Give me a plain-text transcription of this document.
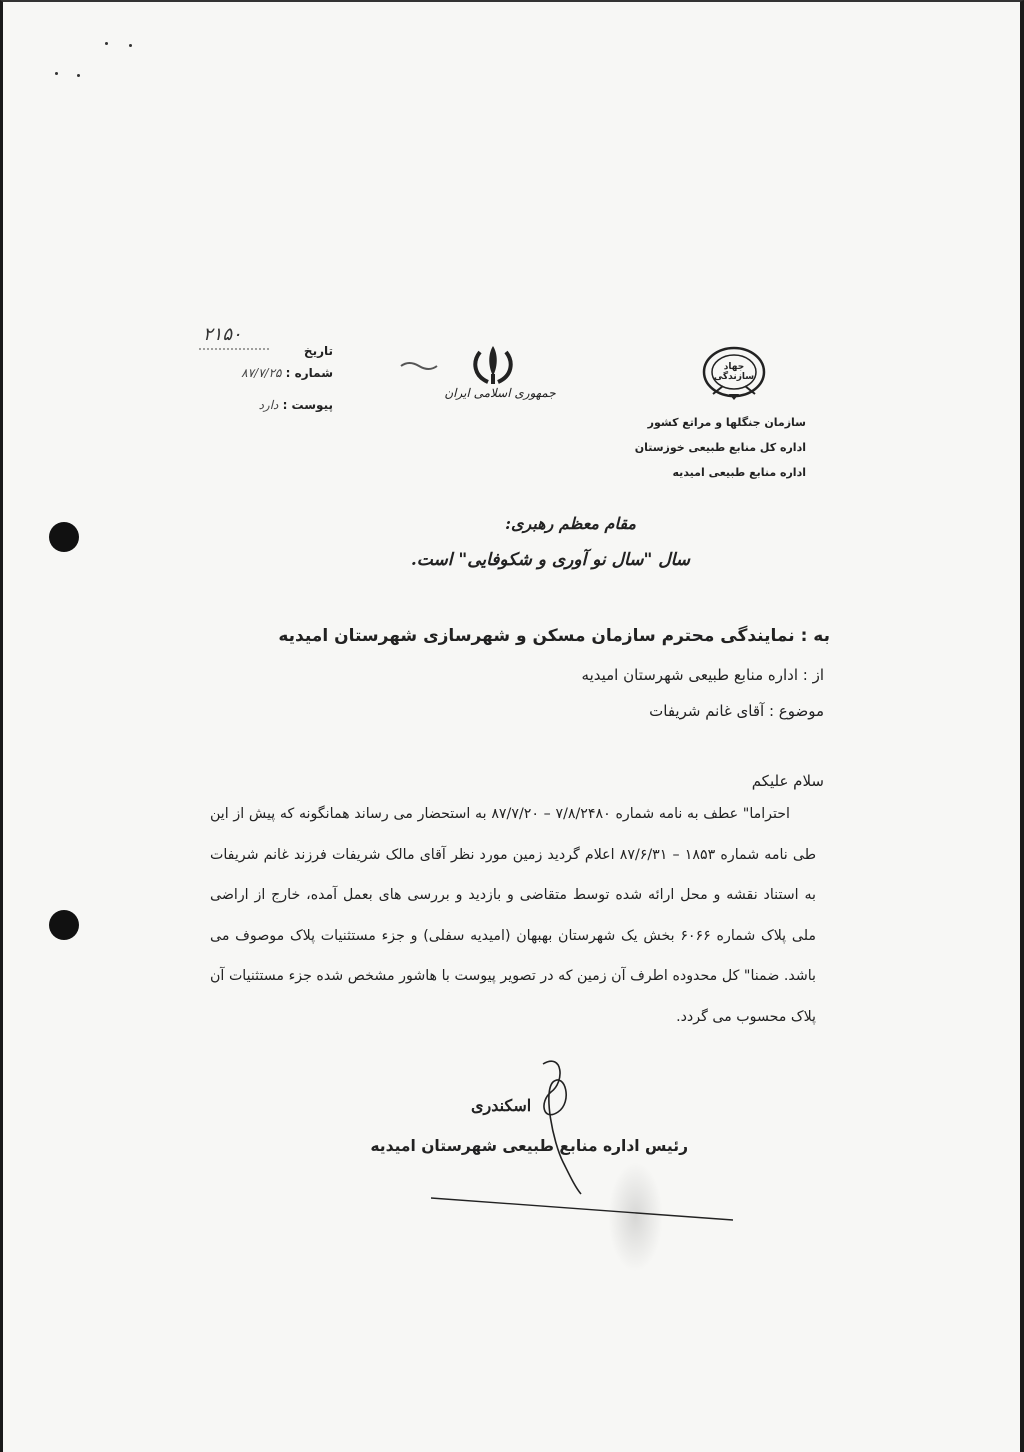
جهاد سازندگی
سازمان جنگلها و مراتع کشور
اداره کل منابع طبیعی خوزستان
اداره منابع طبیعی امیدیه
جمهوری اسلامی ایران
۲۱۵۰
تاریخ
شماره : ۸۷/۷/۲۵
پیوست : دارد
مقام معظم رهبری:
سال "سال نو آوری و شکوفایی" است.
به : نمایندگی محترم سازمان مسکن و شهرسازی شهرستان امیدیه
از : اداره منابع طبیعی شهرستان امیدیه
موضوع : آقای غانم شریفات
سلام علیکم
احتراما" عطف به نامه شماره ۷/۸/۲۴۸۰ – ۸۷/۷/۲۰ به استحضار می رساند همانگونه که پیش از این طی نامه شماره ۱۸۵۳ – ۸۷/۶/۳۱ اعلام گردید زمین مورد نظر آقای مالک شریفات فرزند غانم شریفات به استناد نقشه و محل ارائه شده توسط متقاضی و بازدید و بررسی های بعمل آمده، خارج از اراضی ملی پلاک شماره ۶۰۶۶ بخش یک شهرستان بهبهان (امیدیه سفلی) و جزء مستثنیات پلاک موصوف می باشد. ضمنا" کل محدوده اطرف آن زمین که در تصویر پیوست با هاشور مشخص شده جزء مستثنیات آن پلاک محسوب می گردد.
اسکندری
رئیس اداره منابع طبیعی شهرستان امیدیه
